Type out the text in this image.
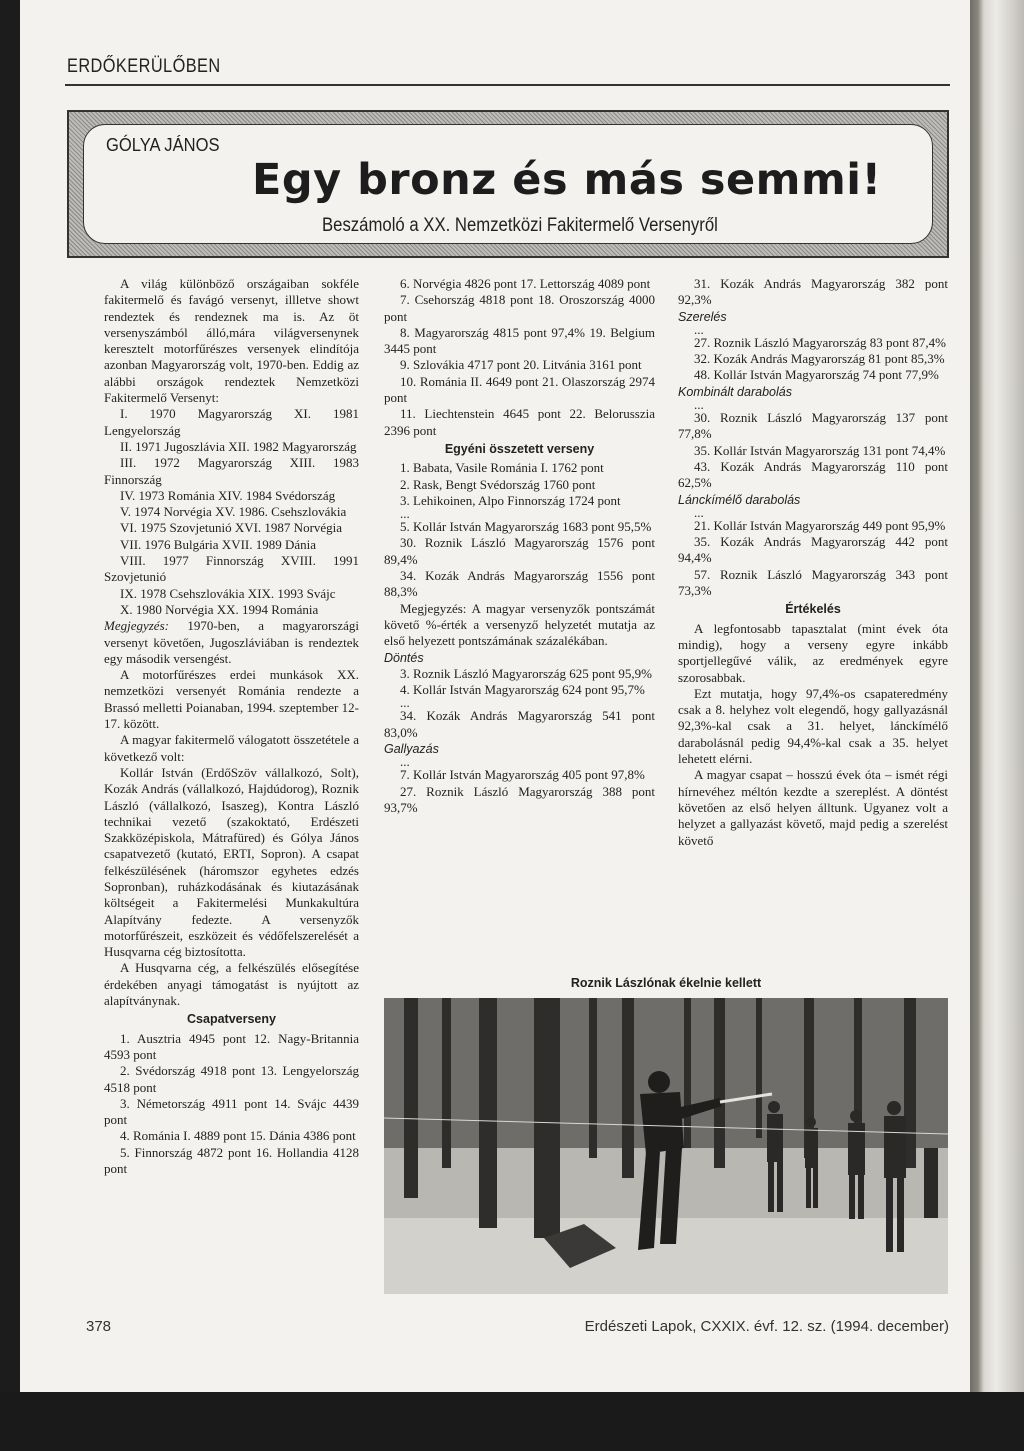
ERDŐKERÜLŐBEN
GÓLYA JÁNOS
Egy bronz és más semmi!
Beszámoló a XX. Nemzetközi Fakitermelő Versenyről

A világ különböző országaiban sokféle fakitermelő és favágó versenyt, illletve showt rendeztek és rendeznek ma is. Az öt versenyszámból álló,mára világversenynek keresztelt motorfűrészes versenyek elindítója azonban Magyarország volt, 1970-ben. Eddig az alábbi országok rendeztek Nemzetközi Fakitermelő Versenyt:

I. 1970 Magyarország XI. 1981 Lengyelország

II. 1971 Jugoszlávia XII. 1982 Magyarország

III. 1972 Magyarország XIII. 1983 Finnország

IV. 1973 Románia XIV. 1984 Svédország

V. 1974 Norvégia XV. 1986. Csehszlovákia

VI. 1975 Szovjetunió XVI. 1987 Norvégia

VII. 1976 Bulgária XVII. 1989 Dánia

VIII. 1977 Finnország XVIII. 1991 Szovjetunió

IX. 1978 Csehszlovákia XIX. 1993 Svájc

X. 1980 Norvégia XX. 1994 Románia

Megjegyzés: 1970-ben, a magyarországi versenyt követően, Jugoszláviában is rendeztek egy második versengést.

A motorfűrészes erdei munkások XX. nemzetközi versenyét Románia rendezte a Brassó melletti Poianaban, 1994. szeptember 12-17. között.

A magyar fakitermelő válogatott összetétele a következő volt:

Kollár István (ErdőSzöv vállalkozó, Solt), Kozák András (vállalkozó, Hajdúdorog), Roznik László (vállalkozó, Isaszeg), Kontra László technikai vezető (szakoktató, Erdészeti Szakközépiskola, Mátrafüred) és Gólya János csapatvezető (kutató, ERTI, Sopron). A csapat felkészülésének (háromszor egyhetes edzés Sopronban), ruházkodásának és kiutazásának költségeit a Fakitermelési Munkakultúra Alapítvány fedezte. A versenyzők motorfűrészeit, eszközeit és védőfelszerelését a Husqvarna cég biztosította.

A Husqvarna cég, a felkészülés elősegítése érdekében anyagi támogatást is nyújtott az alapítványnak.

Csapatverseny

1. Ausztria 4945 pont 12. Nagy-Britannia 4593 pont

2. Svédország 4918 pont 13. Lengyelország 4518 pont

3. Németország 4911 pont 14. Svájc 4439 pont

4. Románia I. 4889 pont 15. Dánia 4386 pont

5. Finnország 4872 pont 16. Hollandia 4128 pont

6. Norvégia 4826 pont 17. Lettország 4089 pont

7. Csehország 4818 pont 18. Oroszország 4000 pont

8. Magyarország 4815 pont 97,4% 19. Belgium 3445 pont

9. Szlovákia 4717 pont 20. Litvánia 3161 pont

10. Románia II. 4649 pont 21. Olaszország 2974 pont

11. Liechtenstein 4645 pont 22. Belorusszia 2396 pont

Egyéni összetett verseny

1. Babata, Vasile Románia I. 1762 pont

2. Rask, Bengt Svédország 1760 pont

3. Lehikoinen, Alpo Finnország 1724 pont

...

5. Kollár István Magyarország 1683 pont 95,5%

30. Roznik László Magyarország 1576 pont 89,4%

34. Kozák András Magyarország 1556 pont 88,3%

Megjegyzés: A magyar versenyzők pontszámát követő %-érték a versenyző helyzetét mutatja az első helyezett pontszámának százalékában.

Döntés

3. Roznik László Magyarország 625 pont 95,9%

4. Kollár István Magyarország 624 pont 95,7%

...

34. Kozák András Magyarország 541 pont 83,0%

Gallyazás

...

7. Kollár István Magyarország 405 pont 97,8%

27. Roznik László Magyarország 388 pont 93,7%

31. Kozák András Magyarország 382 pont 92,3%

Szerelés

...

27. Roznik László Magyarország 83 pont 87,4%

32. Kozák András Magyarország 81 pont 85,3%

48. Kollár István Magyarország 74 pont 77,9%

Kombinált darabolás

...

30. Roznik László Magyarország 137 pont 77,8%

35. Kollár István Magyarország 131 pont 74,4%

43. Kozák András Magyarország 110 pont 62,5%

Lánckímélő darabolás

...

21. Kollár István Magyarország 449 pont 95,9%

35. Kozák András Magyarország 442 pont 94,4%

57. Roznik László Magyarország 343 pont 73,3%

Értékelés

A legfontosabb tapasztalat (mint évek óta mindig), hogy a verseny egyre inkább sportjellegűvé válik, az eredmények egyre szorosabbak.

Ezt mutatja, hogy 97,4%-os csapateredmény csak a 8. helyhez volt elegendő, hogy gallyazásnál 92,3%-kal csak a 31. helyet, lánckímélő darabolásnál pedig 94,4%-kal csak a 35. helyet lehetett elérni.

A magyar csapat – hosszú évek óta – ismét régi hírnevéhez méltón kezdte a szereplést. A döntést követően az első helyen álltunk. Ugyanez volt a helyzet a gallyazást követő, majd pedig a szerelést követő

Roznik Lászlónak ékelnie kellett
378	Erdészeti Lapok, CXXIX. évf. 12. sz. (1994. december)
